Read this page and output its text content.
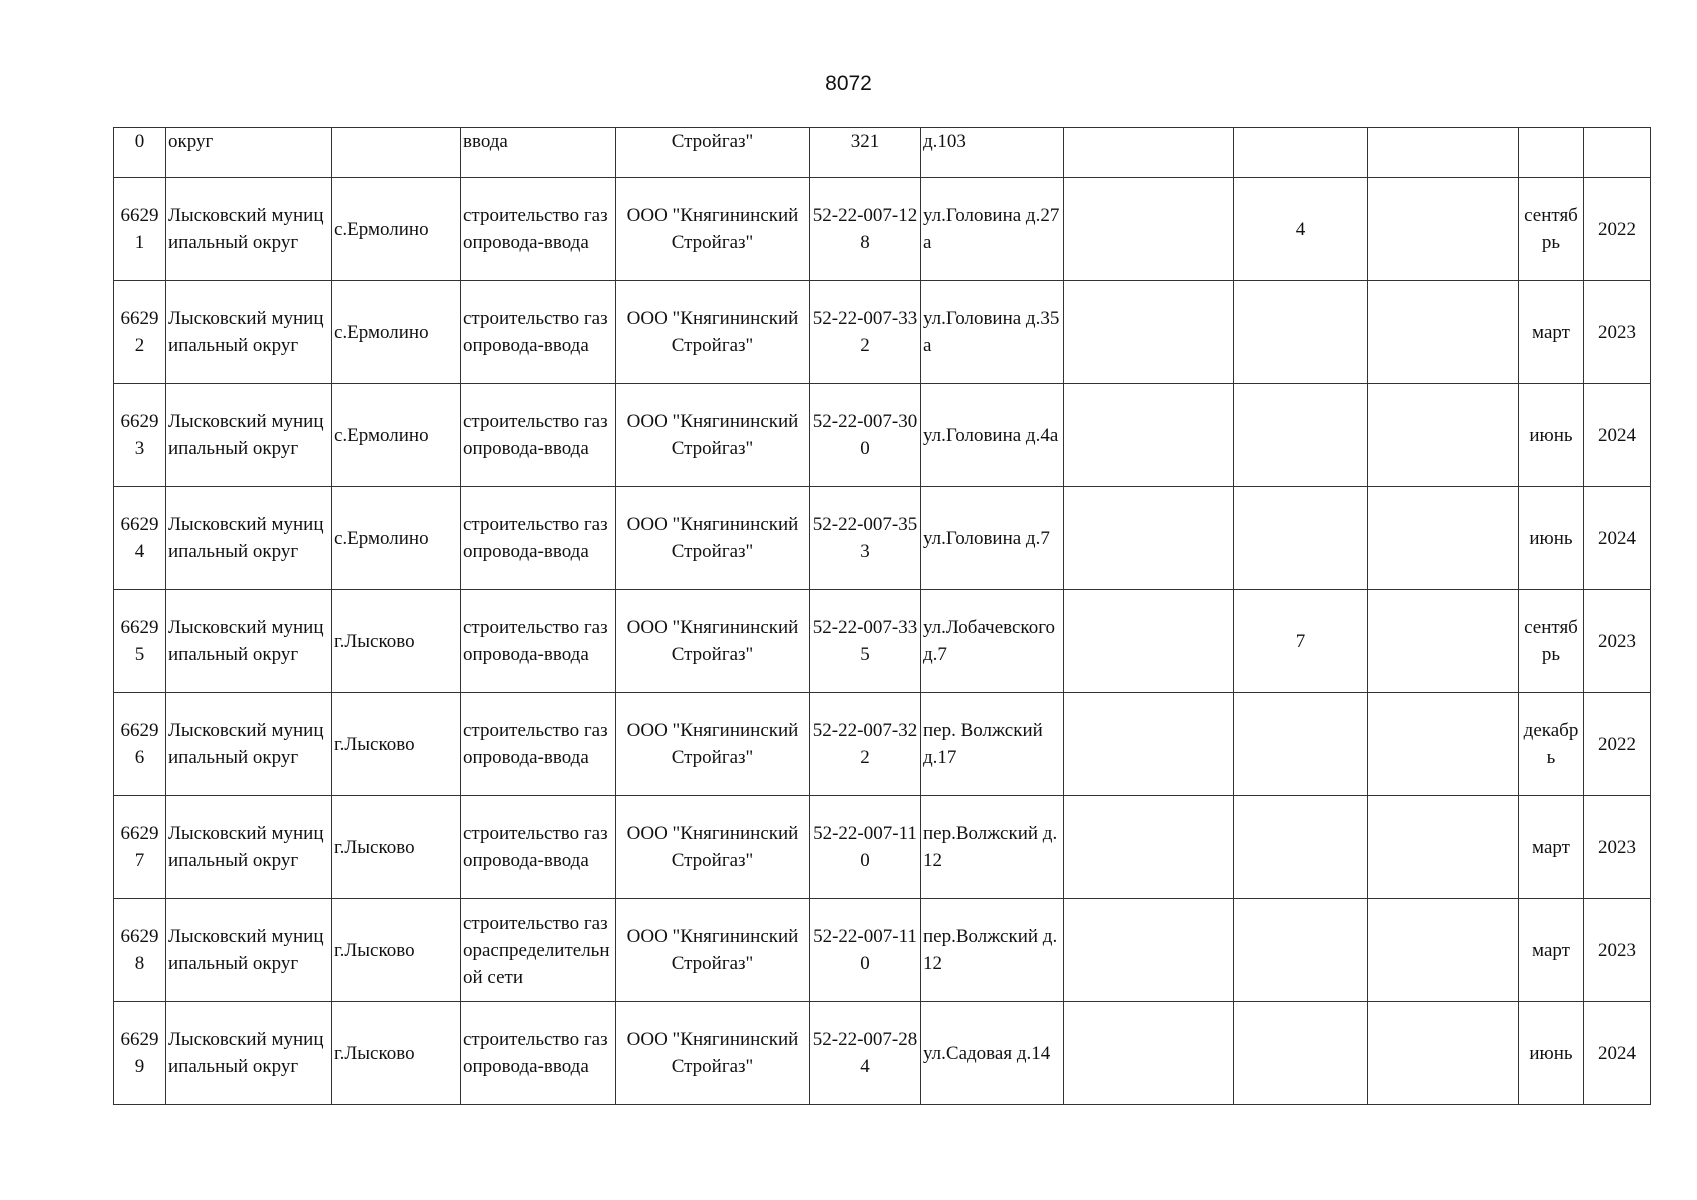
8072
0	округ		ввода	Стройгаз"	321	д.103					
66291	Лысковский муниципальный округ	с.Ермолино	строительство газопровода-ввода	ООО "Княгининский Стройгаз"	52-22-007-128	ул.Головина д.27а		4		сентябрь	2022
66292	Лысковский муниципальный округ	с.Ермолино	строительство газопровода-ввода	ООО "Княгининский Стройгаз"	52-22-007-332	ул.Головина д.35а				март	2023
66293	Лысковский муниципальный округ	с.Ермолино	строительство газопровода-ввода	ООО "Княгининский Стройгаз"	52-22-007-300	ул.Головина д.4а				июнь	2024
66294	Лысковский муниципальный округ	с.Ермолино	строительство газопровода-ввода	ООО "Княгининский Стройгаз"	52-22-007-353	ул.Головина д.7				июнь	2024
66295	Лысковский муниципальный округ	г.Лысково	строительство газопровода-ввода	ООО "Княгининский Стройгаз"	52-22-007-335	ул.Лобачевского д.7		7		сентябрь	2023
66296	Лысковский муниципальный округ	г.Лысково	строительство газопровода-ввода	ООО "Княгининский Стройгаз"	52-22-007-322	пер. Волжский д.17				декабрь	2022
66297	Лысковский муниципальный округ	г.Лысково	строительство газопровода-ввода	ООО "Княгининский Стройгаз"	52-22-007-110	пер.Волжский д.12				март	2023
66298	Лысковский муниципальный округ	г.Лысково	строительство газораспределительной сети	ООО "Княгининский Стройгаз"	52-22-007-110	пер.Волжский д.12				март	2023
66299	Лысковский муниципальный округ	г.Лысково	строительство газопровода-ввода	ООО "Княгининский Стройгаз"	52-22-007-284	ул.Садовая д.14				июнь	2024
